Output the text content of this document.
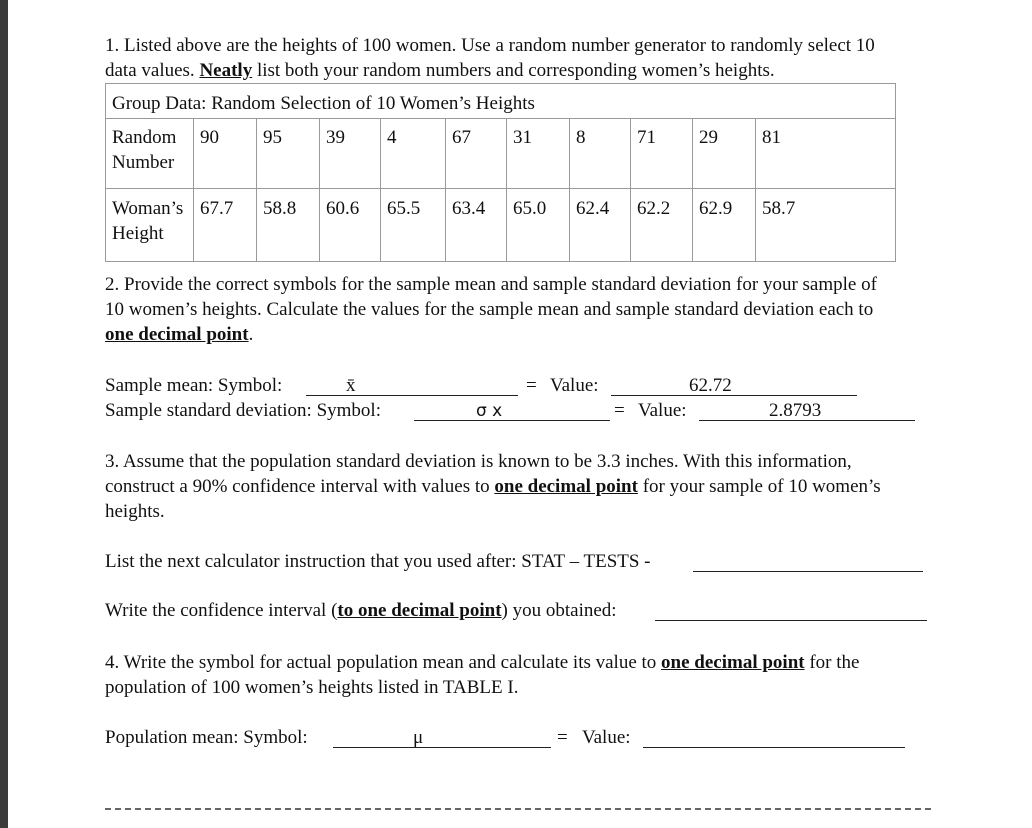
1. Listed above are the heights of 100 women. Use a random number generator to randomly select 10
data values. Neatly list both your random numbers and corresponding women’s heights.
Group Data: Random Selection of 10 Women’s Heights										
Random
Number	90	95	39	4	67	31	8	71	29	81
Woman’s
Height	67.7	58.8	60.6	65.5	63.4	65.0	62.4	62.2	62.9	58.7
2. Provide the correct symbols for the sample mean and sample standard deviation for your sample of
10 women’s heights. Calculate the values for the sample mean and sample standard deviation each to
one decimal point.
Sample mean: Symbol:	x̄	= Value:	62.72
Sample standard deviation: Symbol:	σ x	= Value:	2.8793
3. Assume that the population standard deviation is known to be 3.3 inches. With this information,
construct a 90% confidence interval with values to one decimal point for your sample of 10 women’s
heights.
List the next calculator instruction that you used after: STAT – TESTS -
Write the confidence interval (to one decimal point) you obtained:
4. Write the symbol for actual population mean and calculate its value to one decimal point for the
population of 100 women’s heights listed in TABLE I.
Population mean: Symbol:	μ	= Value:
